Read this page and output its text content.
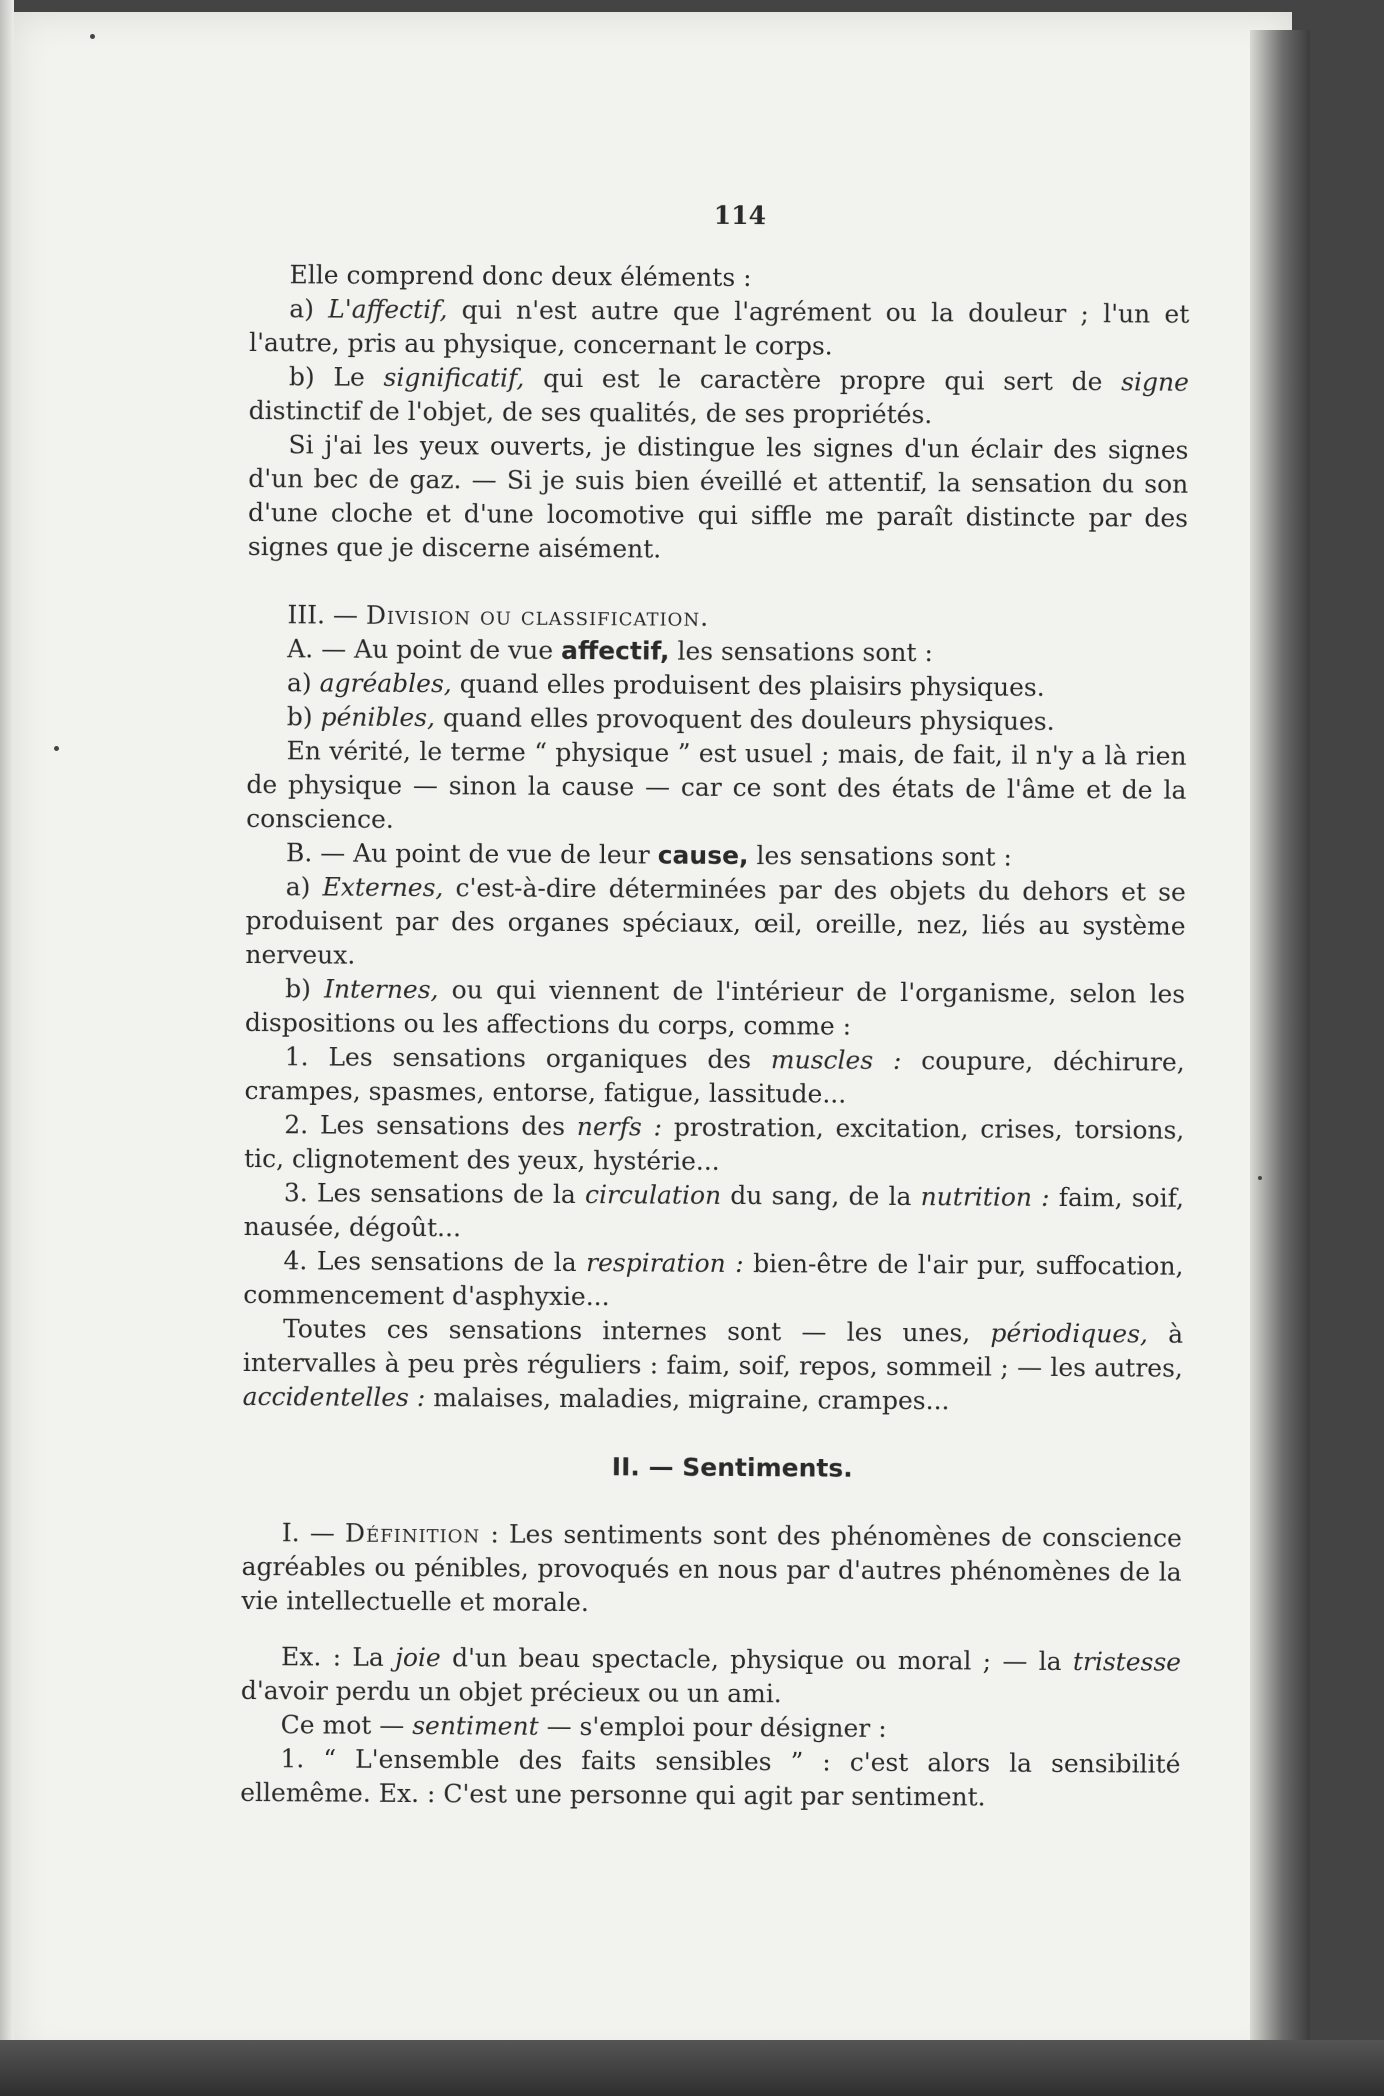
114

Elle comprend donc deux éléments :

a) L'affectif, qui n'est autre que l'agrément ou la douleur ; l'un et l'autre, pris au physique, concernant le corps.

b) Le significatif, qui est le caractère propre qui sert de signe distinctif de l'objet, de ses qualités, de ses propriétés.

Si j'ai les yeux ouverts, je distingue les signes d'un éclair des signes d'un bec de gaz. — Si je suis bien éveillé et attentif, la sensation du son d'une cloche et d'une locomotive qui siffle me paraît distincte par des signes que je discerne aisément.

III. — Division ou classification.

A. — Au point de vue affectif, les sensations sont :

a) agréables, quand elles produisent des plaisirs physiques.

b) pénibles, quand elles provoquent des douleurs physiques.

En vérité, le terme “ physique ” est usuel ; mais, de fait, il n'y a là rien de physique — sinon la cause — car ce sont des états de l'âme et de la conscience.

B. — Au point de vue de leur cause, les sensations sont :

a) Externes, c'est-à-dire déterminées par des objets du dehors et se produisent par des organes spéciaux, œil, oreille, nez, liés au système nerveux.

b) Internes, ou qui viennent de l'intérieur de l'organisme, selon les dispositions ou les affections du corps, comme :

1. Les sensations organiques des muscles : coupure, déchirure, crampes, spasmes, entorse, fatigue, lassitude...

2. Les sensations des nerfs : prostration, excitation, crises, torsions, tic, clignotement des yeux, hystérie...

3. Les sensations de la circulation du sang, de la nutrition : faim, soif, nausée, dégoût...

4. Les sensations de la respiration : bien-être de l'air pur, suffocation, commencement d'asphyxie...

Toutes ces sensations internes sont — les unes, périodiques, à intervalles à peu près réguliers : faim, soif, repos, sommeil ; — les autres, accidentelles : malaises, maladies, migraine, crampes...

II. — Sentiments.

I. — Définition : Les sentiments sont des phénomènes de conscience agréables ou pénibles, provoqués en nous par d'autres phénomènes de la vie intellectuelle et morale.

Ex. : La joie d'un beau spectacle, physique ou moral ; — la tristesse d'avoir perdu un objet précieux ou un ami.

Ce mot — sentiment — s'emploi pour désigner :

1. “ L'ensemble des faits sensibles ” : c'est alors la sensibilité ellemême. Ex. : C'est une personne qui agit par sentiment.
